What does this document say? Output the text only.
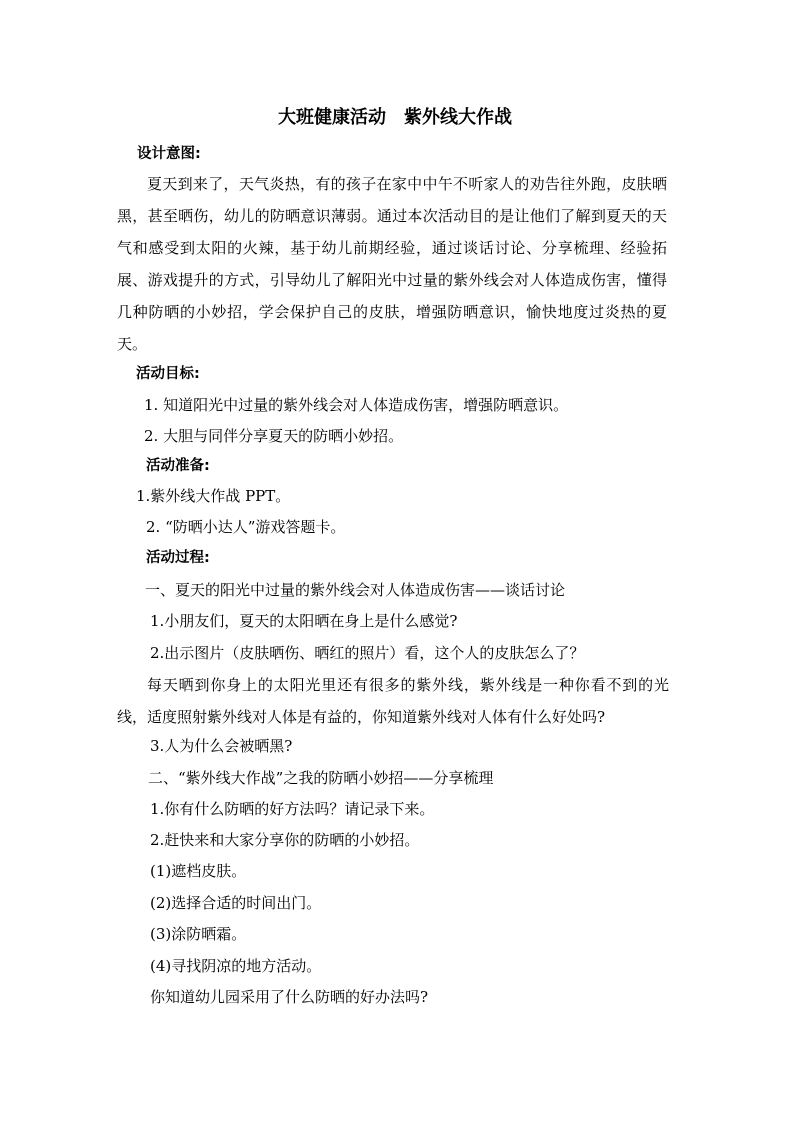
大班健康活动　紫外线大作战
设计意图:
夏天到来了，天气炎热，有的孩子在家中中午不听家人的劝告往外跑，皮肤晒黑，甚至晒伤，幼儿的防晒意识薄弱。通过本次活动目的是让他们了解到夏天的天气和感受到太阳的火辣，基于幼儿前期经验，通过谈话讨论、分享梳理、经验拓展、游戏提升的方式，引导幼儿了解阳光中过量的紫外线会对人体造成伤害，懂得几种防晒的小妙招，学会保护自己的皮肤，增强防晒意识，愉快地度过炎热的夏天。
活动目标:
1. 知道阳光中过量的紫外线会对人体造成伤害，增强防晒意识。
2. 大胆与同伴分享夏天的防晒小妙招。
活动准备:
1.紫外线大作战 PPT。
2. “防晒小达人”游戏答题卡。
活动过程:
一、夏天的阳光中过量的紫外线会对人体造成伤害——谈话讨论
1.小朋友们，夏天的太阳晒在身上是什么感觉?
2.出示图片（皮肤晒伤、晒红的照片）看，这个人的皮肤怎么了？
每天晒到你身上的太阳光里还有很多的紫外线，紫外线是一种你看不到的光线，适度照射紫外线对人体是有益的，你知道紫外线对人体有什么好处吗?
3.人为什么会被晒黑?
二、“紫外线大作战”之我的防晒小妙招——分享梳理
1.你有什么防晒的好方法吗？请记录下来。
2.赶快来和大家分享你的防晒的小妙招。
(1)遮档皮肤。
(2)选择合适的时间出门。
(3)涂防晒霜。
(4)寻找阴凉的地方活动。
你知道幼儿园采用了什么防晒的好办法吗?
